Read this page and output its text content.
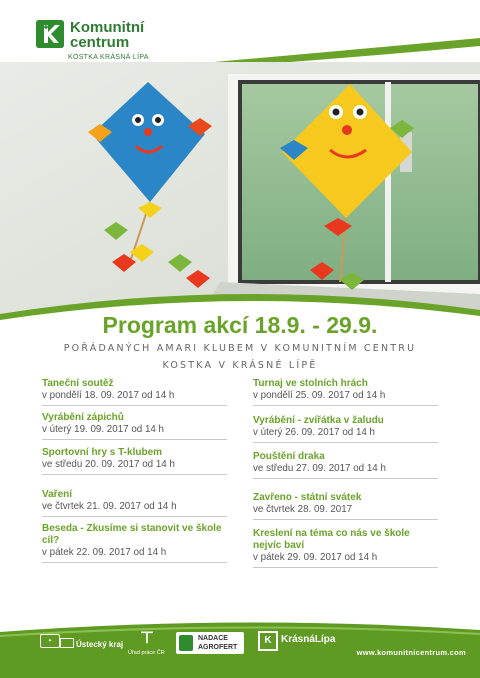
Komunitní
centrum
KOSTKA KRÁSNÁ LÍPA
Program akcí 18.9. - 29.9.
POŘÁDANÝCH AMARI KLUBEM V KOMUNITNÍM CENTRU
KOSTKA V KRÁSNÉ LÍPĚ
Taneční soutěž
v pondělí 18. 09. 2017 od 14 h
Vyrábění zápichů
v úterý 19. 09. 2017 od 14 h
Sportovní hry s T-klubem
ve středu 20. 09. 2017 od 14 h
Vaření
ve čtvrtek 21. 09. 2017 od 14 h
Beseda - Zkusíme si stanovit ve škole cíl?
v pátek 22. 09. 2017 od 14 h
Turnaj ve stolních hrách
v pondělí 25. 09. 2017 od 14 h
Vyrábění - zvířátka v žaludu
v úterý 26. 09. 2017 od 14 h
Pouštění draka
ve středu 27. 09. 2017 od 14 h
Zavřeno - státní svátek
ve čtvrtek 28. 09. 2017
Kreslení na téma co nás ve škole nejvíc baví
v pátek 29. 09. 2017 od 14 h
✦	Ústecký kraj ⊤
Úřad práce ČR
NADACE
AGROFERT
K KrásnáLípa
www.komunitnicentrum.com
